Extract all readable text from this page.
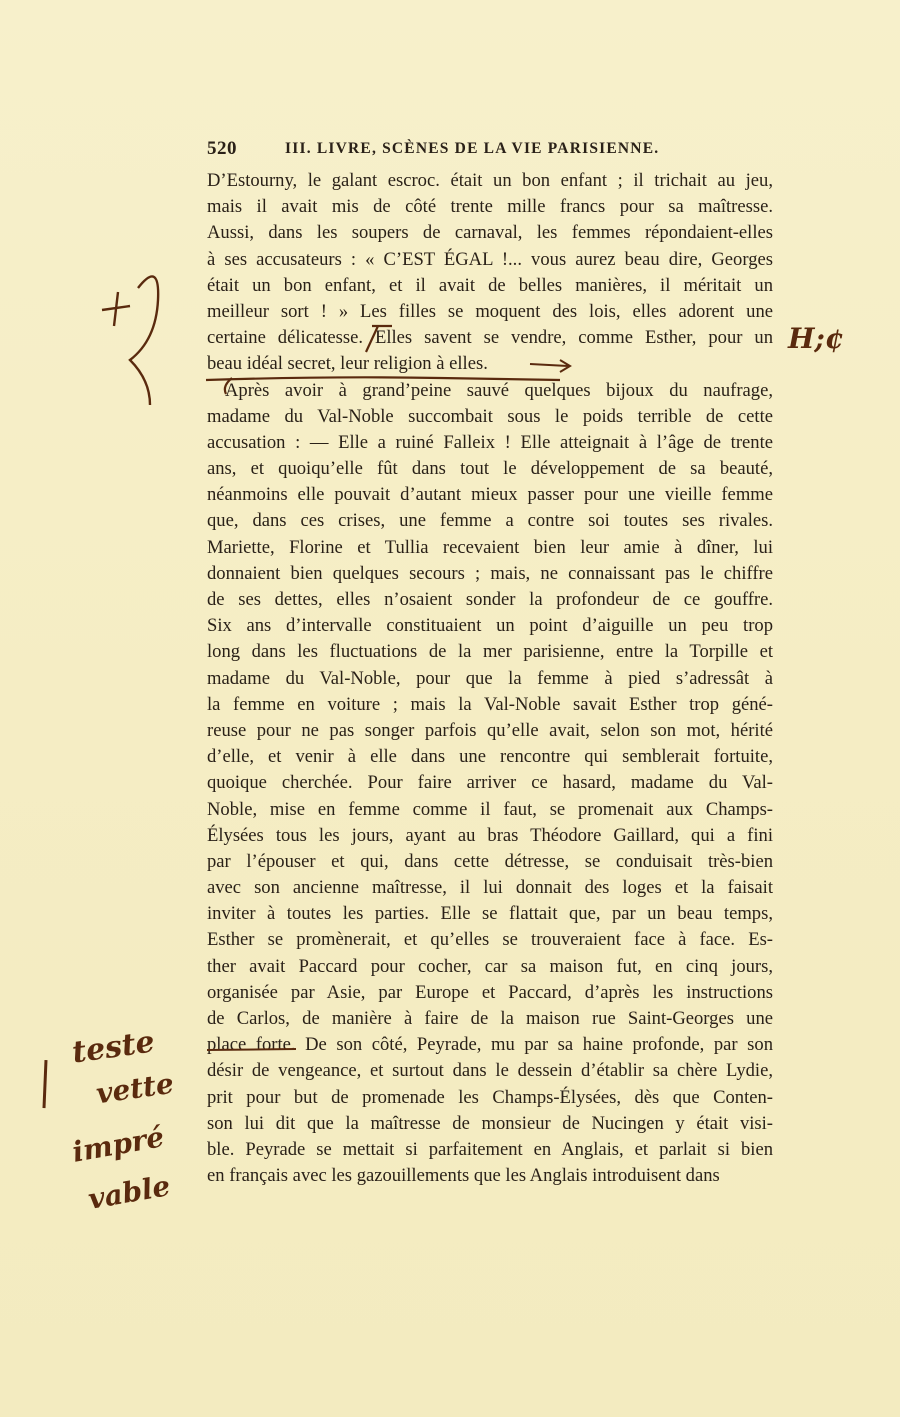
520	III. LIVRE, SCÈNES DE LA VIE PARISIENNE.
D’Estourny, le galant escroc. était un bon enfant ; il trichait au jeu,
mais il avait mis de côté trente mille francs pour sa maîtresse.
Aussi, dans les soupers de carnaval, les femmes répondaient-elles
à ses accusateurs : « C’EST ÉGAL !... vous aurez beau dire, Georges
était un bon enfant, et il avait de belles manières, il méritait un
meilleur sort ! » Les filles se moquent des lois, elles adorent une
certaine délicatesse. Elles savent se vendre, comme Esther, pour un
beau idéal secret, leur religion à elles.
Après avoir à grand’peine sauvé quelques bijoux du naufrage,
madame du Val-Noble succombait sous le poids terrible de cette
accusation : — Elle a ruiné Falleix ! Elle atteignait à l’âge de trente
ans, et quoiqu’elle fût dans tout le développement de sa beauté,
néanmoins elle pouvait d’autant mieux passer pour une vieille femme
que, dans ces crises, une femme a contre soi toutes ses rivales.
Mariette, Florine et Tullia recevaient bien leur amie à dîner, lui
donnaient bien quelques secours ; mais, ne connaissant pas le chiffre
de ses dettes, elles n’osaient sonder la profondeur de ce gouffre.
Six ans d’intervalle constituaient un point d’aiguille un peu trop
long dans les fluctuations de la mer parisienne, entre la Torpille et
madame du Val-Noble, pour que la femme à pied s’adressât à
la femme en voiture ; mais la Val-Noble savait Esther trop géné-
reuse pour ne pas songer parfois qu’elle avait, selon son mot, hérité
d’elle, et venir à elle dans une rencontre qui semblerait fortuite,
quoique cherchée. Pour faire arriver ce hasard, madame du Val-
Noble, mise en femme comme il faut, se promenait aux Champs-
Élysées tous les jours, ayant au bras Théodore Gaillard, qui a fini
par l’épouser et qui, dans cette détresse, se conduisait très-bien
avec son ancienne maîtresse, il lui donnait des loges et la faisait
inviter à toutes les parties. Elle se flattait que, par un beau temps,
Esther se promènerait, et qu’elles se trouveraient face à face. Es-
ther avait Paccard pour cocher, car sa maison fut, en cinq jours,
organisée par Asie, par Europe et Paccard, d’après les instructions
de Carlos, de manière à faire de la maison rue Saint-Georges une
place forte. De son côté, Peyrade, mu par sa haine profonde, par son
désir de vengeance, et surtout dans le dessein d’établir sa chère Lydie,
prit pour but de promenade les Champs-Élysées, dès que Conten-
son lui dit que la maîtresse de monsieur de Nucingen y était visi-
ble. Peyrade se mettait si parfaitement en Anglais, et parlait si bien
en français avec les gazouillements que les Anglais introduisent dans
H;¢
teste
vette
impré
vable
